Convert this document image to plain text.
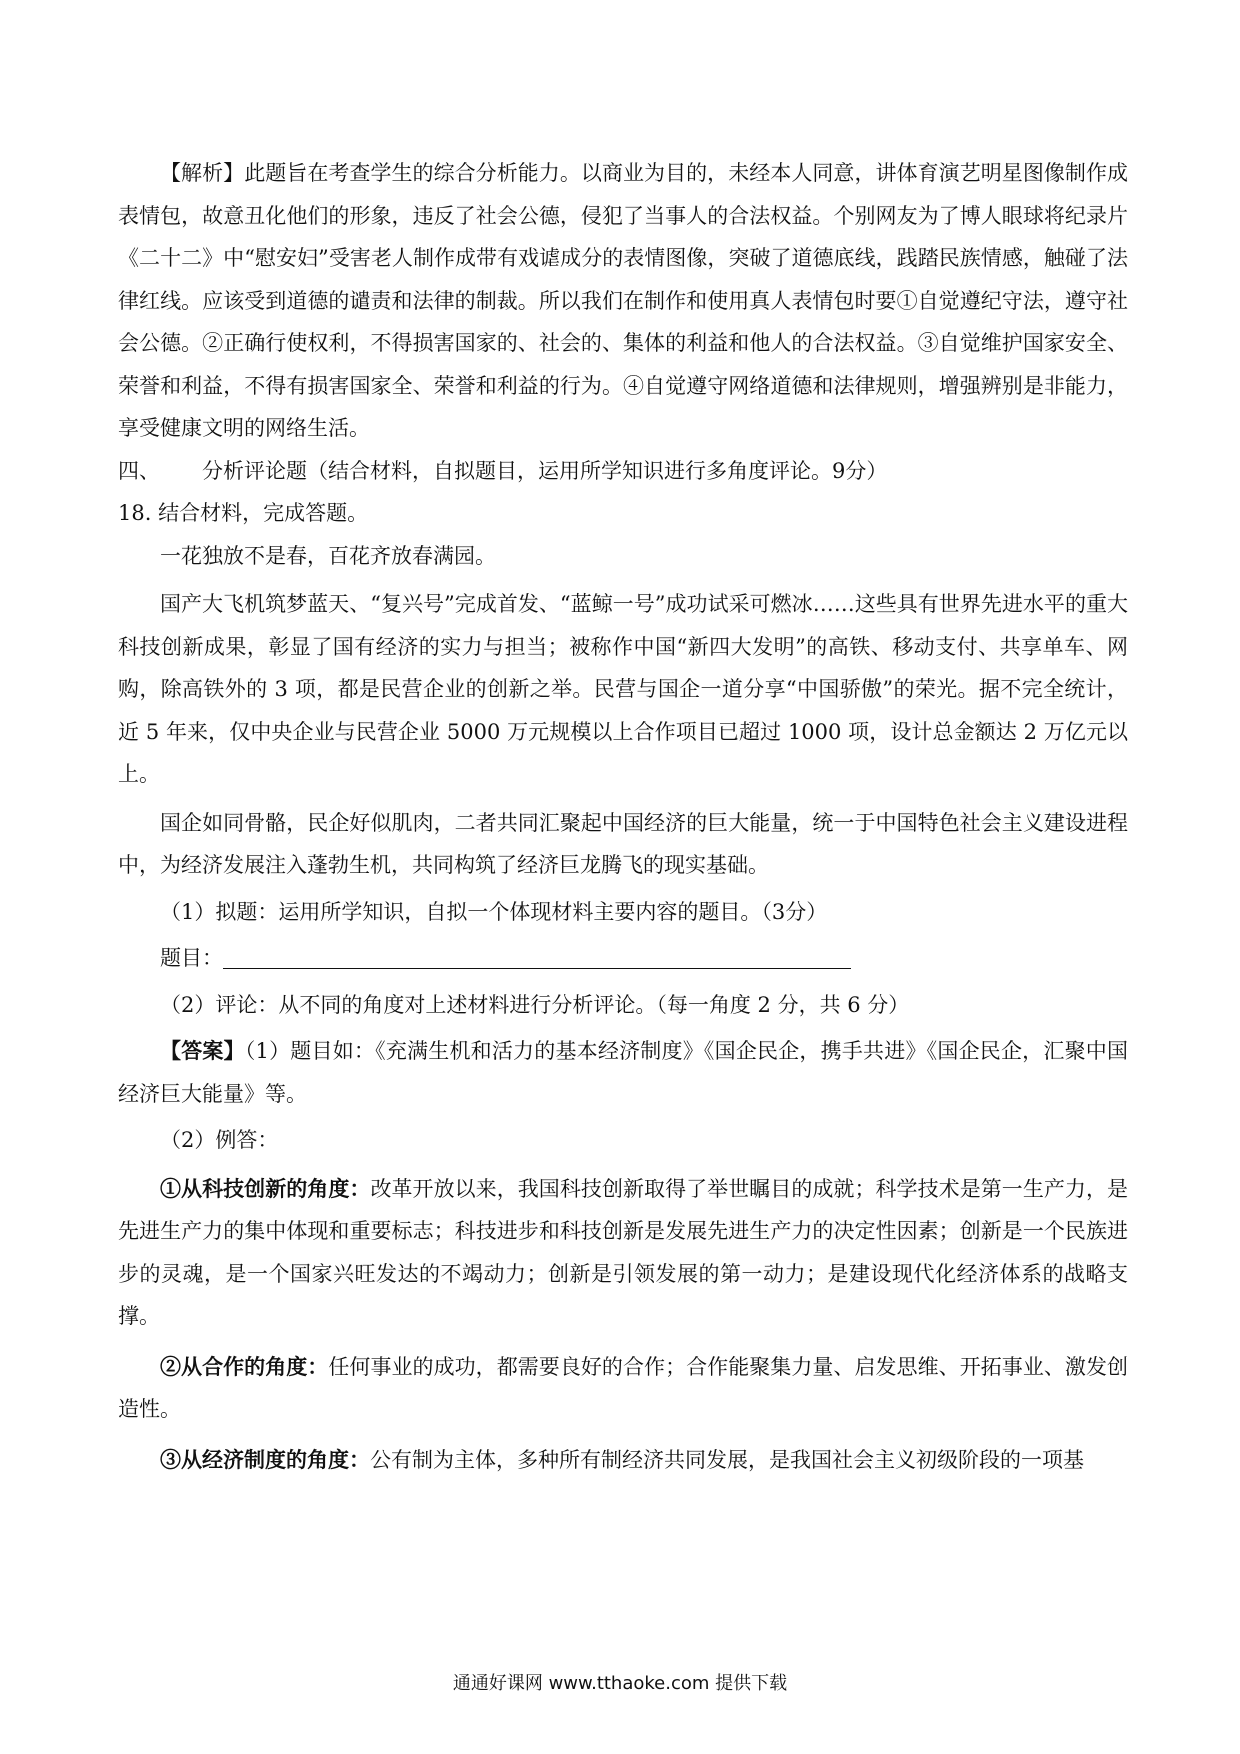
【解析】此题旨在考查学生的综合分析能力。以商业为目的，未经本人同意，讲体育演艺明星图像制作成表情包，故意丑化他们的形象，违反了社会公德，侵犯了当事人的合法权益。个别网友为了博人眼球将纪录片《二十二》中“慰安妇”受害老人制作成带有戏谑成分的表情图像，突破了道德底线，践踏民族情感，触碰了法律红线。应该受到道德的谴责和法律的制裁。所以我们在制作和使用真人表情包时要①自觉遵纪守法，遵守社会公德。②正确行使权利，不得损害国家的、社会的、集体的利益和他人的合法权益。③自觉维护国家安全、荣誉和利益，不得有损害国家全、荣誉和利益的行为。④自觉遵守网络道德和法律规则，增强辨别是非能力，享受健康文明的网络生活。

四、	分析评论题（结合材料，自拟题目，运用所学知识进行多角度评论。9分）

18. 结合材料，完成答题。

一花独放不是春，百花齐放春满园。

国产大飞机筑梦蓝天、“复兴号”完成首发、“蓝鲸一号”成功试采可燃冰……这些具有世界先进水平的重大科技创新成果，彰显了国有经济的实力与担当；被称作中国“新四大发明”的高铁、移动支付、共享单车、网购，除高铁外的 3 项，都是民营企业的创新之举。民营与国企一道分享“中国骄傲”的荣光。据不完全统计，近 5 年来，仅中央企业与民营企业 5000 万元规模以上合作项目已超过 1000 项，设计总金额达 2 万亿元以上。

国企如同骨骼，民企好似肌肉，二者共同汇聚起中国经济的巨大能量，统一于中国特色社会主义建设进程中，为经济发展注入蓬勃生机，共同构筑了经济巨龙腾飞的现实基础。

（1）拟题：运用所学知识，自拟一个体现材料主要内容的题目。（3分）

题目：

（2）评论：从不同的角度对上述材料进行分析评论。（每一角度 2 分，共 6 分）

【答案】（1）题目如：《充满生机和活力的基本经济制度》《国企民企，携手共进》《国企民企，汇聚中国经济巨大能量》等。

（2）例答：

①从科技创新的角度：改革开放以来，我国科技创新取得了举世瞩目的成就；科学技术是第一生产力，是先进生产力的集中体现和重要标志；科技进步和科技创新是发展先进生产力的决定性因素；创新是一个民族进步的灵魂，是一个国家兴旺发达的不竭动力；创新是引领发展的第一动力；是建设现代化经济体系的战略支撑。

②从合作的角度：任何事业的成功，都需要良好的合作；合作能聚集力量、启发思维、开拓事业、激发创造性。

③从经济制度的角度：公有制为主体，多种所有制经济共同发展，是我国社会主义初级阶段的一项基

通通好课网 www.tthaoke.com 提供下载
